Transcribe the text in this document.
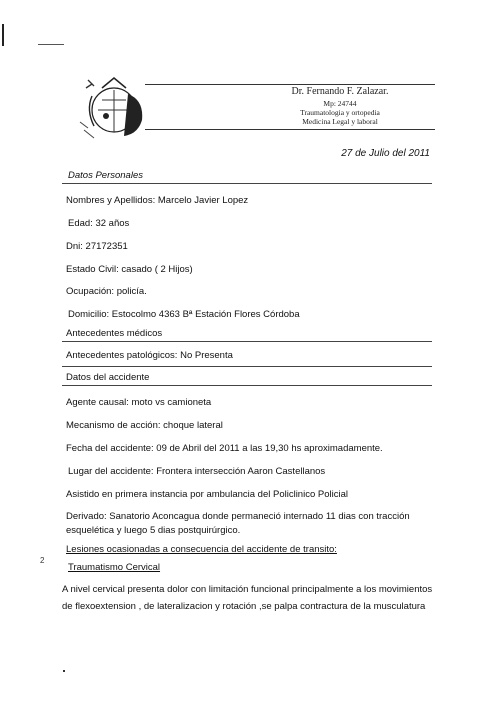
Dr. Fernando F. Zalazar.
Mp: 24744
Traumatologia y ortopedia
Medicina Legal y laboral
27 de Julio del 2011
Datos Personales
Nombres y Apellidos: Marcelo Javier Lopez
Edad: 32 años
Dni: 27172351
Estado Civil: casado ( 2 Hijos)
Ocupación: policía.
Domicilio: Estocolmo 4363 Bª Estación Flores Córdoba
Antecedentes médicos
Antecedentes patológicos: No Presenta
Datos del accidente
Agente causal: moto vs camioneta
Mecanismo de acción: choque lateral
Fecha del accidente: 09 de Abril del 2011 a las 19,30 hs aproximadamente.
Lugar del accidente: Frontera intersección Aaron Castellanos
Asistido en primera instancia por ambulancia del Policlinico Policial
Derivado: Sanatorio Aconcagua donde permaneció internado 11 dias con tracción
esquelética y luego 5 dias postquirúrgico.
Lesiones ocasionadas a consecuencia del accidente de transito:
2
Traumatismo Cervical
A nivel cervical presenta dolor con limitación funcional principalmente a los movimientos
de flexoextension , de lateralizacion y rotación ,se palpa contractura de la musculatura
